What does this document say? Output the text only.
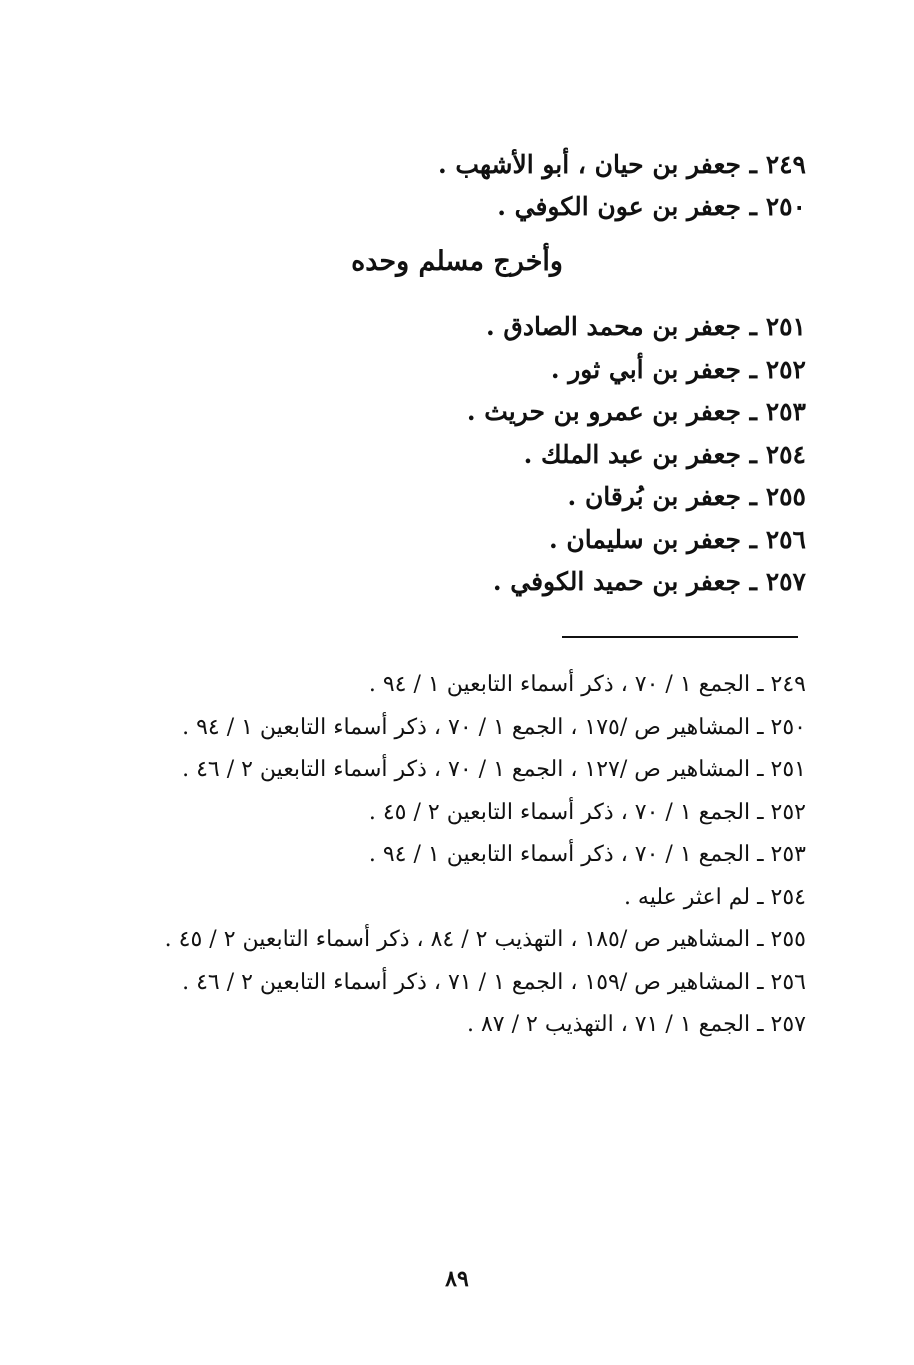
٢٤٩ ـ جعفر بن حيان ، أبو الأشهب .
٢٥٠ ـ جعفر بن عون الكوفي .
وأخرج مسلم وحده
٢٥١ ـ جعفر بن محمد الصادق .
٢٥٢ ـ جعفر بن أبي ثور .
٢٥٣ ـ جعفر بن عمرو بن حريث .
٢٥٤ ـ جعفر بن عبد الملك .
٢٥٥ ـ جعفر بن بُرقان .
٢٥٦ ـ جعفر بن سليمان .
٢٥٧ ـ جعفر بن حميد الكوفي .
٢٤٩ ـ الجمع ١ / ٧٠ ، ذكر أسماء التابعين ١ / ٩٤ .
٢٥٠ ـ المشاهير ص /١٧٥ ، الجمع ١ / ٧٠ ، ذكر أسماء التابعين ١ / ٩٤ .
٢٥١ ـ المشاهير ص /١٢٧ ، الجمع ١ / ٧٠ ، ذكر أسماء التابعين ٢ / ٤٦ .
٢٥٢ ـ الجمع ١ / ٧٠ ، ذكر أسماء التابعين ٢ / ٤٥ .
٢٥٣ ـ الجمع ١ / ٧٠ ، ذكر أسماء التابعين ١ / ٩٤ .
٢٥٤ ـ لم اعثر عليه .
٢٥٥ ـ المشاهير ص /١٨٥ ، التهذيب ٢ / ٨٤ ، ذكر أسماء التابعين ٢ / ٤٥ .
٢٥٦ ـ المشاهير ص /١٥٩ ، الجمع ١ / ٧١ ، ذكر أسماء التابعين ٢ / ٤٦ .
٢٥٧ ـ الجمع ١ / ٧١ ، التهذيب ٢ / ٨٧ .
٨٩
